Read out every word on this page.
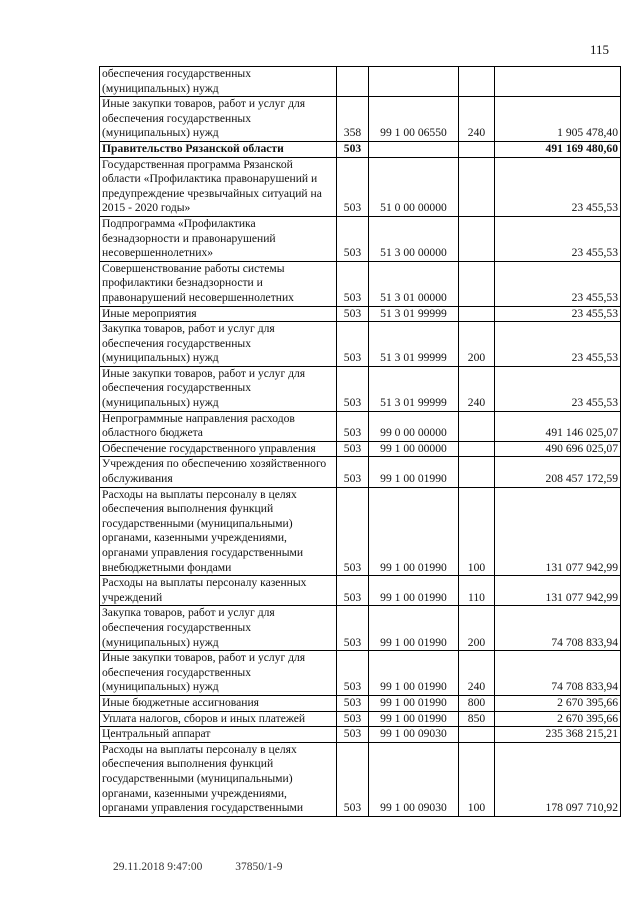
115
обеспечения государственных (муниципальных) нужд				
Иные закупки товаров, работ и услуг для обеспечения государственных (муниципальных) нужд	358	99 1 00 06550	240	1 905 478,40
Правительство Рязанской области	503			491 169 480,60
Государственная программа Рязанской области «Профилактика правонарушений и предупреждение чрезвычайных ситуаций на 2015 - 2020 годы»	503	51 0 00 00000		23 455,53
Подпрограмма «Профилактика безнадзорности и правонарушений несовершеннолетних»	503	51 3 00 00000		23 455,53
Совершенствование работы системы профилактики безнадзорности и правонарушений несовершеннолетних	503	51 3 01 00000		23 455,53
Иные мероприятия	503	51 3 01 99999		23 455,53
Закупка товаров, работ и услуг для обеспечения государственных (муниципальных) нужд	503	51 3 01 99999	200	23 455,53
Иные закупки товаров, работ и услуг для обеспечения государственных (муниципальных) нужд	503	51 3 01 99999	240	23 455,53
Непрограммные направления расходов областного бюджета	503	99 0 00 00000		491 146 025,07
Обеспечение государственного управления	503	99 1 00 00000		490 696 025,07
Учреждения по обеспечению хозяйственного обслуживания	503	99 1 00 01990		208 457 172,59
Расходы на выплаты персоналу в целях обеспечения выполнения функций государственными (муниципальными) органами, казенными учреждениями, органами управления государственными внебюджетными фондами	503	99 1 00 01990	100	131 077 942,99
Расходы на выплаты персоналу казенных учреждений	503	99 1 00 01990	110	131 077 942,99
Закупка товаров, работ и услуг для обеспечения государственных (муниципальных) нужд	503	99 1 00 01990	200	74 708 833,94
Иные закупки товаров, работ и услуг для обеспечения государственных (муниципальных) нужд	503	99 1 00 01990	240	74 708 833,94
Иные бюджетные ассигнования	503	99 1 00 01990	800	2 670 395,66
Уплата налогов, сборов и иных платежей	503	99 1 00 01990	850	2 670 395,66
Центральный аппарат	503	99 1 00 09030		235 368 215,21
Расходы на выплаты персоналу в целях обеспечения выполнения функций государственными (муниципальными) органами, казенными учреждениями, органами управления государственными	503	99 1 00 09030	100	178 097 710,92
29.11.2018 9:47:00	37850/1-9
